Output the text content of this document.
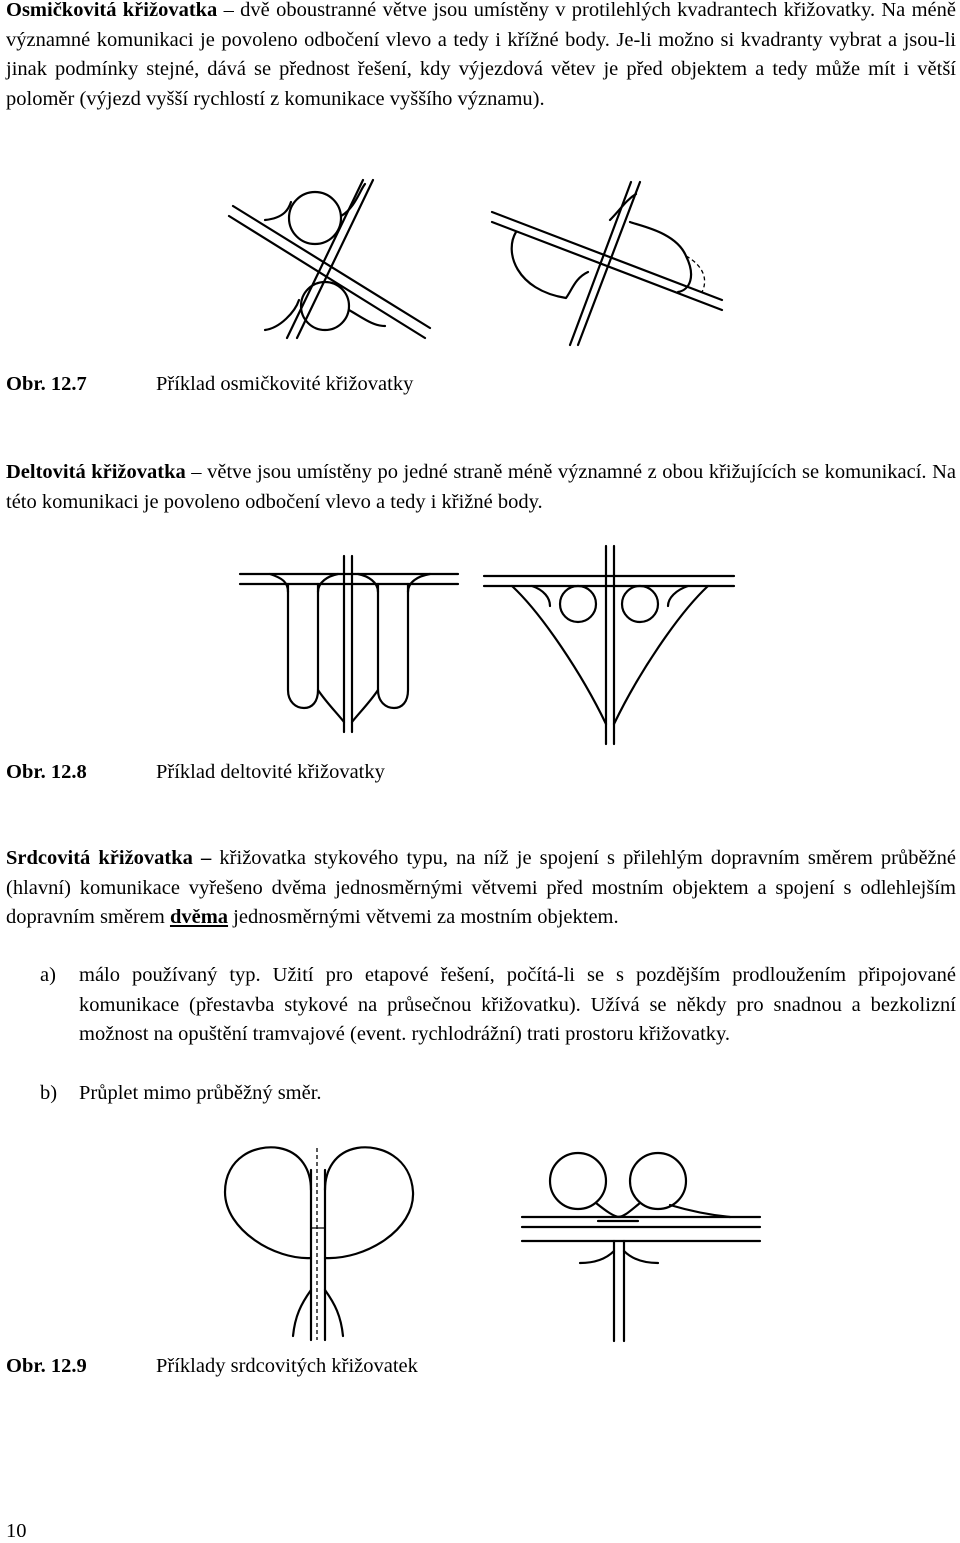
Osmičkovitá křižovatka – dvě oboustranné větve jsou umístěny v protilehlých kvadrantech křižovatky. Na méně významné komunikaci je povoleno odbočení vlevo a tedy i křížné body. Je-li možno si kvadranty vybrat a jsou-li jinak podmínky stejné, dává se přednost řešení, kdy výjezdová větev je před objektem a tedy může mít i větší poloměr (výjezd vyšší rychlostí z komunikace vyššího významu).

Obr. 12.7	Příklad osmičkovité křižovatky

Deltovitá křižovatka – větve jsou umístěny po jedné straně méně významné z obou křižujících se komunikací. Na této komunikaci je povoleno odbočení vlevo a tedy i křižné body.

Obr. 12.8	Příklad deltovité křižovatky

Srdcovitá křižovatka – křižovatka stykového typu, na níž je spojení s přilehlým dopravním směrem průběžné (hlavní) komunikace vyřešeno dvěma jednosměrnými větvemi před mostním objektem a spojení s odlehlejším dopravním směrem dvěma jednosměrnými větvemi za mostním objektem.

a) málo používaný typ. Užití pro etapové řešení, počítá-li se s pozdějším prodloužením připojované komunikace (přestavba stykové na průsečnou křižovatku). Užívá se někdy pro snadnou a bezkolizní možnost na opuštění tramvajové (event. rychlodrážní) trati prostoru křižovatky.
b) Průplet mimo průběžný směr.
Obr. 12.9	Příklady srdcovitých křižovatek
10
